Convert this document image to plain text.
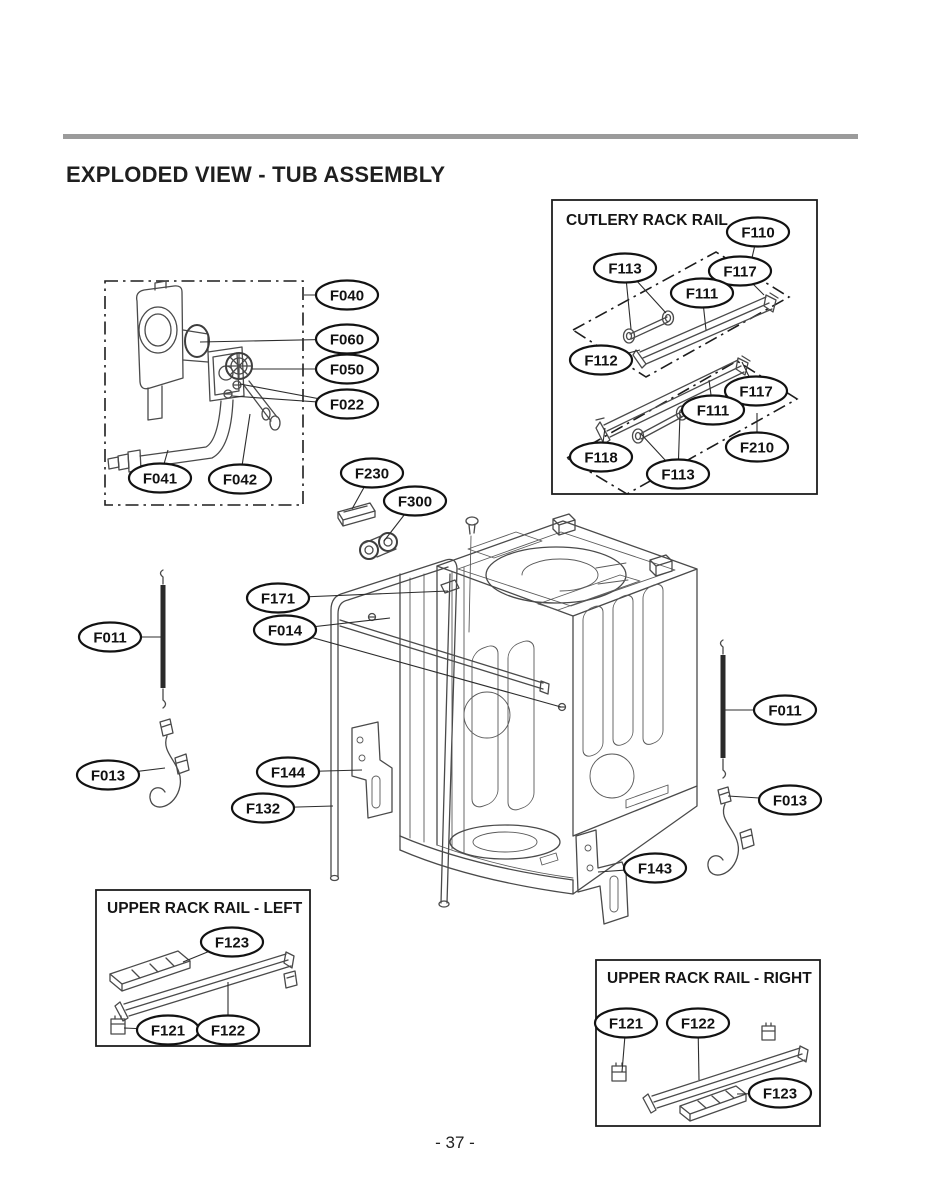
EXPLODED VIEW - TUB ASSEMBLY
CUTLERY RACK RAIL
UPPER RACK RAIL - LEFT
UPPER RACK RAIL - RIGHT
F040
F060
F050
F022
F041	F042	F230
F300
F110
F113	F117
F111
F112
F117
F111
F118
F210
F113
F171
F014
F011
F013
F011
F013
F144
F132
F143
F123
F121 F122	F121	F122
F123
- 37 -
